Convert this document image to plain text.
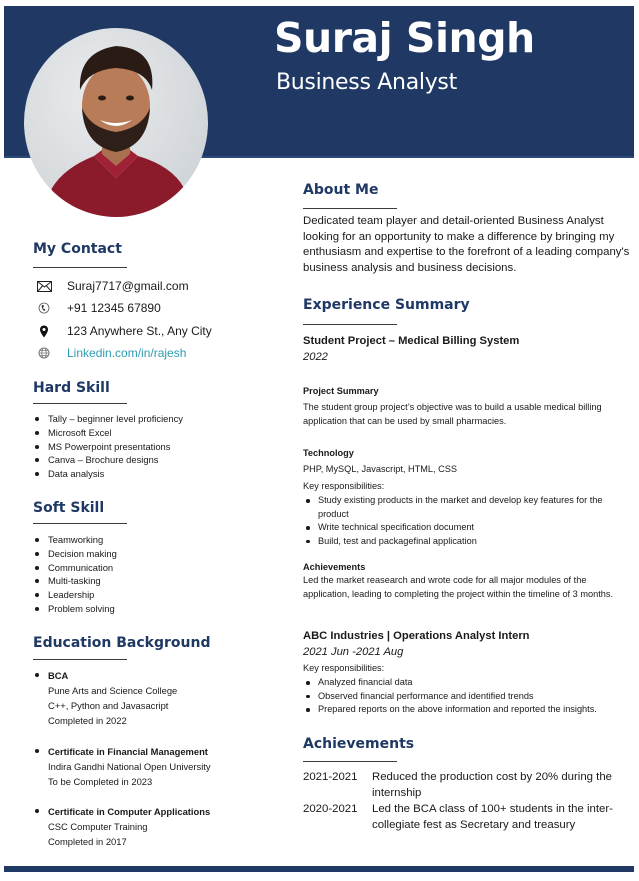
Suraj Singh
Business Analyst
My Contact
Suraj7717@gmail.com
+91 12345 67890
123 Anywhere St., Any City
Linkedin.com/in/rajesh
Hard Skill
Tally – beginner level proficiency
Microsoft Excel
MS Powerpoint presentations
Canva – Brochure designs
Data analysis
Soft Skill
Teamworking
Decision making
Communication
Multi-tasking
Leadership
Problem solving
Education Background
BCA
Pune Arts and Science College
C++, Python and Javasacript
Completed in 2022
Certificate in Financial Management
Indira Gandhi National Open University
To be Completed in 2023
Certificate in Computer Applications
CSC Computer Training
Completed in 2017
About Me
Dedicated team player and detail-oriented Business Analyst looking for an opportunity to make a difference by bringing my enthusiasm and expertise to the forefront of a leading company's business analysis and business decisions.
Experience Summary
Student Project – Medical Billing System
2022
Project Summary
The student group project’s objective was to build a usable medical billing application that can be used by small pharmacies.
Technology
PHP, MySQL, Javascript, HTML, CSS
Key responsibilities:
Study existing products in the market and develop key features for the product
Write technical specification document
Build, test and packagefinal application
Achievements
Led the market reasearch and wrote code for all major modules of the application, leading to completing the project within the timeline of 3 months.
ABC Industries | Operations Analyst Intern
2021 Jun -2021 Aug
Key responsibilities:
Analyzed financial data
Observed financial performance and identified trends
Prepared reports on the above information and reported the insights.
Achievements
2021-2021	Reduced the production cost by 20% during the internship
2020-2021	Led the BCA class of 100+ students in the inter-collegiate fest as Secretary and treasury
